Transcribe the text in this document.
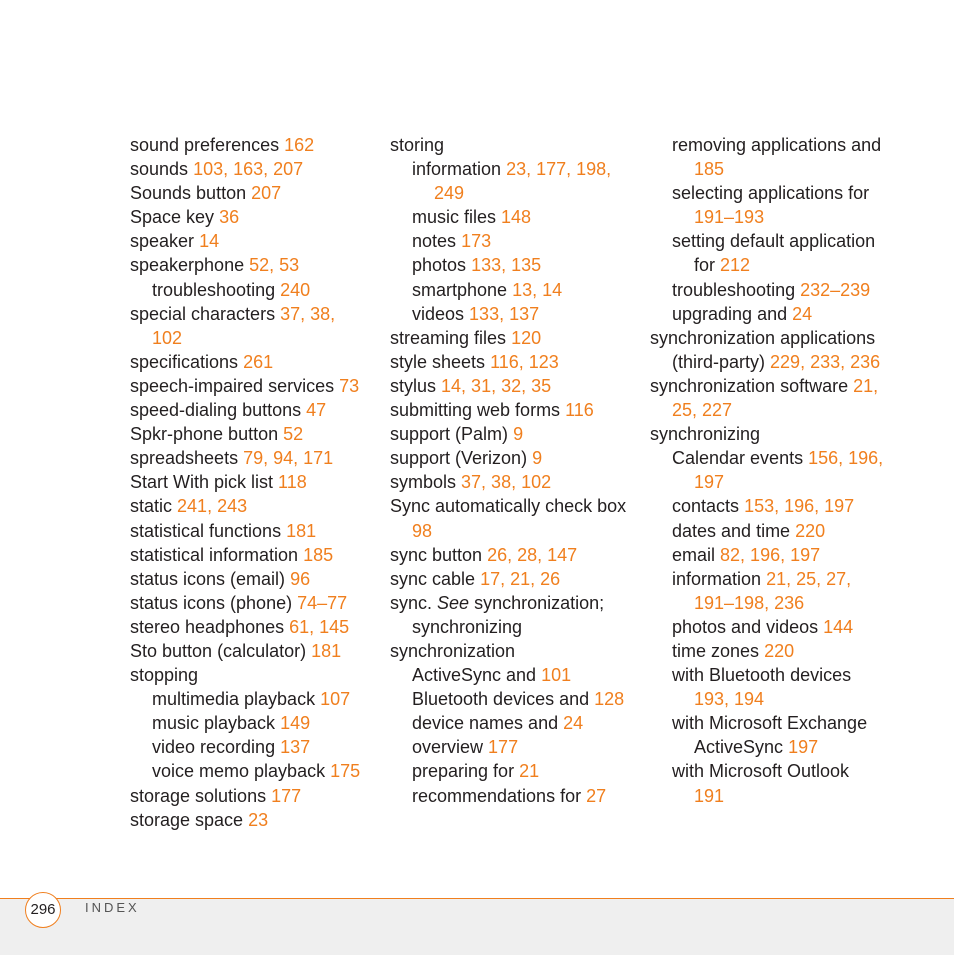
sound preferences 162
sounds 103, 163, 207
Sounds button 207
Space key 36
speaker 14
speakerphone 52, 53
troubleshooting 240
special characters 37, 38,
102
specifications 261
speech-impaired services 73
speed-dialing buttons 47
Spkr-phone button 52
spreadsheets 79, 94, 171
Start With pick list 118
static 241, 243
statistical functions 181
statistical information 185
status icons (email) 96
status icons (phone) 74–77
stereo headphones 61, 145
Sto button (calculator) 181
stopping
multimedia playback 107
music playback 149
video recording 137
voice memo playback 175
storage solutions 177
storage space 23
storing
information 23, 177, 198,
249
music files 148
notes 173
photos 133, 135
smartphone 13, 14
videos 133, 137
streaming files 120
style sheets 116, 123
stylus 14, 31, 32, 35
submitting web forms 116
support (Palm) 9
support (Verizon) 9
symbols 37, 38, 102
Sync automatically check box
98
sync button 26, 28, 147
sync cable 17, 21, 26
sync. See synchronization;
synchronizing
synchronization
ActiveSync and 101
Bluetooth devices and 128
device names and 24
overview 177
preparing for 21
recommendations for 27
removing applications and
185
selecting applications for
191–193
setting default application
for 212
troubleshooting 232–239
upgrading and 24
synchronization applications
(third-party) 229, 233, 236
synchronization software 21,
25, 227
synchronizing
Calendar events 156, 196,
197
contacts 153, 196, 197
dates and time 220
email 82, 196, 197
information 21, 25, 27,
191–198, 236
photos and videos 144
time zones 220
with Bluetooth devices
193, 194
with Microsoft Exchange
ActiveSync 197
with Microsoft Outlook
191
296	INDEX
